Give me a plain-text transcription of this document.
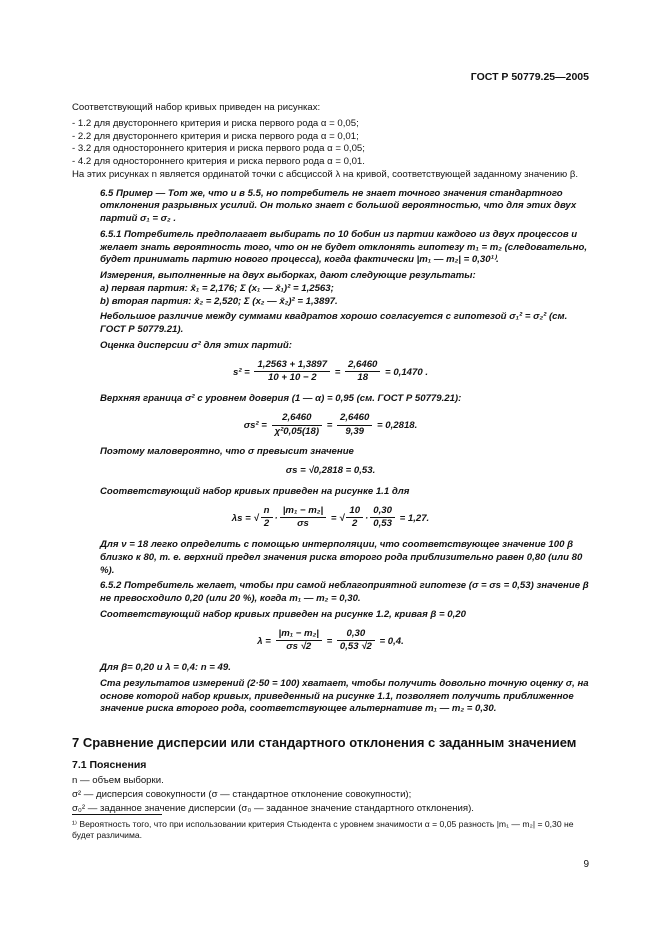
ГОСТ Р 50779.25—2005

Соответствующий набор кривых приведен на рисунках:

- 1.2 для двустороннего критерия и риска первого рода α = 0,05;
- 2.2 для двустороннего критерия и риска первого рода α = 0,01;
- 3.2 для одностороннего критерия и риска первого рода α = 0,05;
- 4.2 для одностороннего критерия и риска первого рода α = 0,01.

На этих рисунках n является ординатой точки с абсциссой λ на кривой, соответствующей заданному значению β.

6.5 Пример — Тот же, что и в 5.5, но потребитель не знает точного значения стандартного отклонения разрывных усилий. Он только знает с большой вероятностью, что для этих двух партий σ₁ = σ₂ .

6.5.1 Потребитель предполагает выбирать по 10 бобин из партии каждого из двух процессов и желает знать вероятность того, что он не будет отклонять гипотезу m₁ = m₂ (следовательно, будет принимать партию нового процесса), когда фактически |m₁ — m₂| = 0,30¹⁾.

Измерения, выполненные на двух выборках, дают следующие результаты:

a) первая партия: x̄₁ = 2,176; Σ (x₁ — x̄₁)² = 1,2563;

b) вторая партия: x̄₂ = 2,520; Σ (x₂ — x̄₂)² = 1,3897.

Небольшое различие между суммами квадратов хорошо согласуется с гипотезой σ₁² = σ₂² (см. ГОСТ Р 50779.21).

Оценка дисперсии σ² для этих партий:

$s^2 = \frac{1,2563 + 1,3897}{10 + 10 - 2} = \frac{2,6460}{18} = 0,1470$ .

Верхняя граница σ² с уровнем доверия (1 — α) = 0,95 (см. ГОСТ Р 50779.21):

$\sigma s^2 = \frac{2,6460}{\text{χ²0,05(18)}} = \frac{2,6460}{9,39} = 0,2818$.

Поэтому маловероятно, что σ превысит значение

σs = √0,2818 = 0,53.

Соответствующий набор кривых приведен на рисунке 1.1 для

λs = √ $\frac{n}{2} \cdot \frac{\text{|m₁ − m₂|}}{\sigma s}$ = √ $\frac{10}{2} \cdot \frac{0,30}{0,53} = 1,27$.

Для ν = 18 легко определить с помощью интерполяции, что соответствующее значение 100 β близко к 80, т. е. верхний предел значения риска второго рода приблизительно равен 0,80 (или 80 %).

6.5.2 Потребитель желает, чтобы при самой неблагоприятной гипотезе (σ = σs = 0,53) значение β не превосходило 0,20 (или 20 %), когда m₁ — m₂ = 0,30.

Соответствующий набор кривых приведен на рисунке 1.2, кривая β = 0,20

$\lambda = \frac{\text{|m₁ − m₂|}}{\sigma s √2} = \frac{0,30}{0,53 √2} = 0,4$.

Для β= 0,20 и λ = 0,4: n = 49.

Ста результатов измерений (2·50 = 100) хватает, чтобы получить довольно точную оценку σ, на основе которой набор кривых, приведенный на рисунке 1.1, позволяет получить приближенное значение риска второго рода, соответствующее альтернативе m₁ — m₂ = 0,30.

7 Сравнение дисперсии или стандартного отклонения с заданным значением
7.1 Пояснения

n — объем выборки.

σ² — дисперсия совокупности (σ — стандартное отклонение совокупности);

σ₀² — заданное значение дисперсии (σ₀ — заданное значение стандартного отклонения).

¹⁾ Вероятность того, что при использовании критерия Стьюдента с уровнем значимости α = 0,05 разность |m₁ — m₂| = 0,30 не будет различима.
9
